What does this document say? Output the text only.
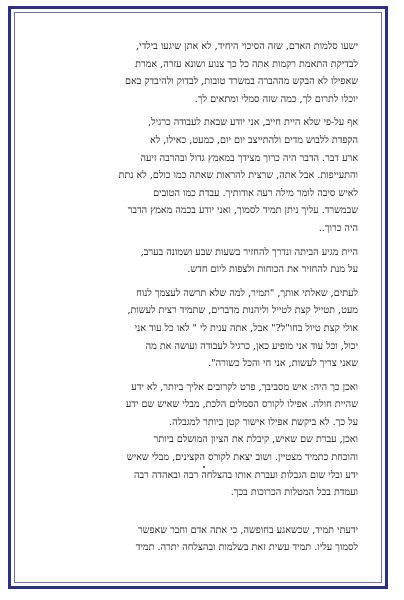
ישעו סלמות האדם, שזה הסיכוי היחיד, לא אתן שיגעו בילדי,
לבדיקת התאמת רקמות אתה כל כך צנוע ושונא עזרה, אמרת
שאפילו לא הבקש מההברה במשרד טובות, לבדוק ולהיבדק באם
יוכלו לתרום לך, כמה שזה סמלי ומתאים לך.
אף על-פי שלא היית חייב, אני יודע שבאת לעבודה כרגיל,
הקפדת ללבוש מדים ולהתייצב יום יום, כמעט, כאילו, לא
ארע דבר. הדבר היה כרוך מצידך במאמץ גדול ובהרבה זיעה
והתעייפות. אבל אתה, שרצית להראות שאתה כמו כולם, לא נתת
לאיש סיבה לומר מילה רעה אודותיך. עבדת כמו הטובים
שבמשרד. עליך ניתן תמיד לסמוך, ואני יודע בכמה מאמץ הדבר
היה כרוך..
היית מגיע הביתה ונדרך להחזיר בשעות שבע ושמונה בערב,
על מנת להחזיר את הכוחות ולצפות ליום חדש.
לעתים, שאלתי אותך, "תמיר, למה שלא תרשה לעצמך לנוח
מעט, תטייל קצת לטייל וליהנות מדברים, שתמיד רצית לעשות,
אולי קצת טיול בחו"ל?" אבל, אתה ענית לי " לאו כל עוד אני
יכול, וכל עוד אני מופיע כאן, כרגיל לעבודה ועושה את מה
שאני צריך לעשות, אני חי והכל כשורה".
ואכן כך היה: איש מסביבך, פרט לקרובים אליך ביותר, לא ידע
שהיית חולה. אפילו לקורס הסמלים הלכת, מבלי שאיש שם ידע
על כך. לא ביקשת אפילו אישור קטן ביותר למגבלה.
ואכן, עברת שם שאיש, קיבלת את הציון המושלם ביותר
והוכחת כתמיד מצטיין. ושוב יצאת לקורס הקצינים, מבלי שאיש
ידע ובלי שום הגבלות ועברת אותו בהצלחה רבה ובאהדה רבה
ועמדת בכל המטלות הכרוכות בכך.
ידעתי תמיד, שכשאגע בחופשה, כי אתה אדם וחבר שאפשר
לסמוך עליו. תמיד עשית זאת בשלמות ובהצלחה יתרה. תמיד
